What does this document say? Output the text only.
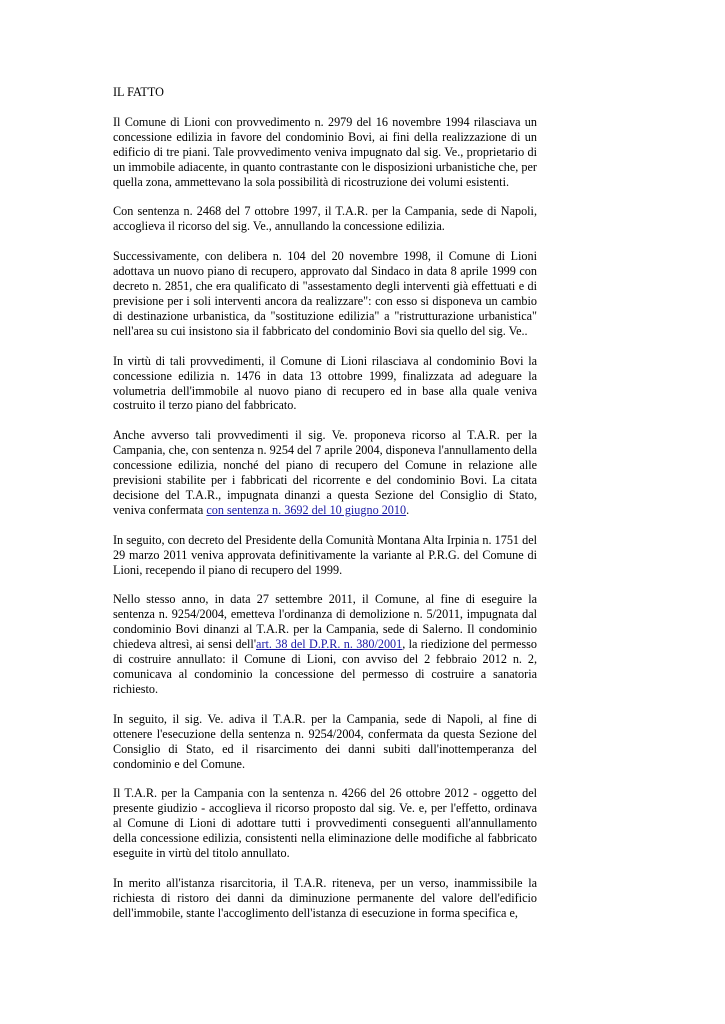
IL FATTO

Il Comune di Lioni con provvedimento n. 2979 del 16 novembre 1994 rilasciava un concessione edilizia in favore del condominio Bovi, ai fini della realizzazione di un edificio di tre piani. Tale provvedimento veniva impugnato dal sig. Ve., proprietario di un immobile adiacente, in quanto contrastante con le disposizioni urbanistiche che, per quella zona, ammettevano la sola possibilità di ricostruzione dei volumi esistenti.

Con sentenza n. 2468 del 7 ottobre 1997, il T.A.R. per la Campania, sede di Napoli, accoglieva il ricorso del sig. Ve., annullando la concessione edilizia.

Successivamente, con delibera n. 104 del 20 novembre 1998, il Comune di Lioni adottava un nuovo piano di recupero, approvato dal Sindaco in data 8 aprile 1999 con decreto n. 2851, che era qualificato di "assestamento degli interventi già effettuati e di previsione per i soli interventi ancora da realizzare": con esso si disponeva un cambio di destinazione urbanistica, da "sostituzione edilizia" a "ristrutturazione urbanistica" nell'area su cui insistono sia il fabbricato del condominio Bovi sia quello del sig. Ve..

In virtù di tali provvedimenti, il Comune di Lioni rilasciava al condominio Bovi la concessione edilizia n. 1476 in data 13 ottobre 1999, finalizzata ad adeguare la volumetria dell'immobile al nuovo piano di recupero ed in base alla quale veniva costruito il terzo piano del fabbricato.

Anche avverso tali provvedimenti il sig. Ve. proponeva ricorso al T.A.R. per la Campania, che, con sentenza n. 9254 del 7 aprile 2004, disponeva l'annullamento della concessione edilizia, nonché del piano di recupero del Comune in relazione alle previsioni stabilite per i fabbricati del ricorrente e del condominio Bovi. La citata decisione del T.A.R., impugnata dinanzi a questa Sezione del Consiglio di Stato, veniva confermata con sentenza n. 3692 del 10 giugno 2010.

In seguito, con decreto del Presidente della Comunità Montana Alta Irpinia n. 1751 del 29 marzo 2011 veniva approvata definitivamente la variante al P.R.G. del Comune di Lioni, recependo il piano di recupero del 1999.

Nello stesso anno, in data 27 settembre 2011, il Comune, al fine di eseguire la sentenza n. 9254/2004, emetteva l'ordinanza di demolizione n. 5/2011, impugnata dal condominio Bovi dinanzi al T.A.R. per la Campania, sede di Salerno. Il condominio chiedeva altresì, ai sensi dell'art. 38 del D.P.R. n. 380/2001, la riedizione del permesso di costruire annullato: il Comune di Lioni, con avviso del 2 febbraio 2012 n. 2, comunicava al condominio la concessione del permesso di costruire a sanatoria richiesto.

In seguito, il sig. Ve. adiva il T.A.R. per la Campania, sede di Napoli, al fine di ottenere l'esecuzione della sentenza n. 9254/2004, confermata da questa Sezione del Consiglio di Stato, ed il risarcimento dei danni subiti dall'inottemperanza del condominio e del Comune.

Il T.A.R. per la Campania con la sentenza n. 4266 del 26 ottobre 2012 - oggetto del presente giudizio - accoglieva il ricorso proposto dal sig. Ve. e, per l'effetto, ordinava al Comune di Lioni di adottare tutti i provvedimenti conseguenti all'annullamento della concessione edilizia, consistenti nella eliminazione delle modifiche al fabbricato eseguite in virtù del titolo annullato.

In merito all'istanza risarcitoria, il T.A.R. riteneva, per un verso, inammissibile la richiesta di ristoro dei danni da diminuzione permanente del valore dell'edificio dell'immobile, stante l'accoglimento dell'istanza di esecuzione in forma specifica e,
